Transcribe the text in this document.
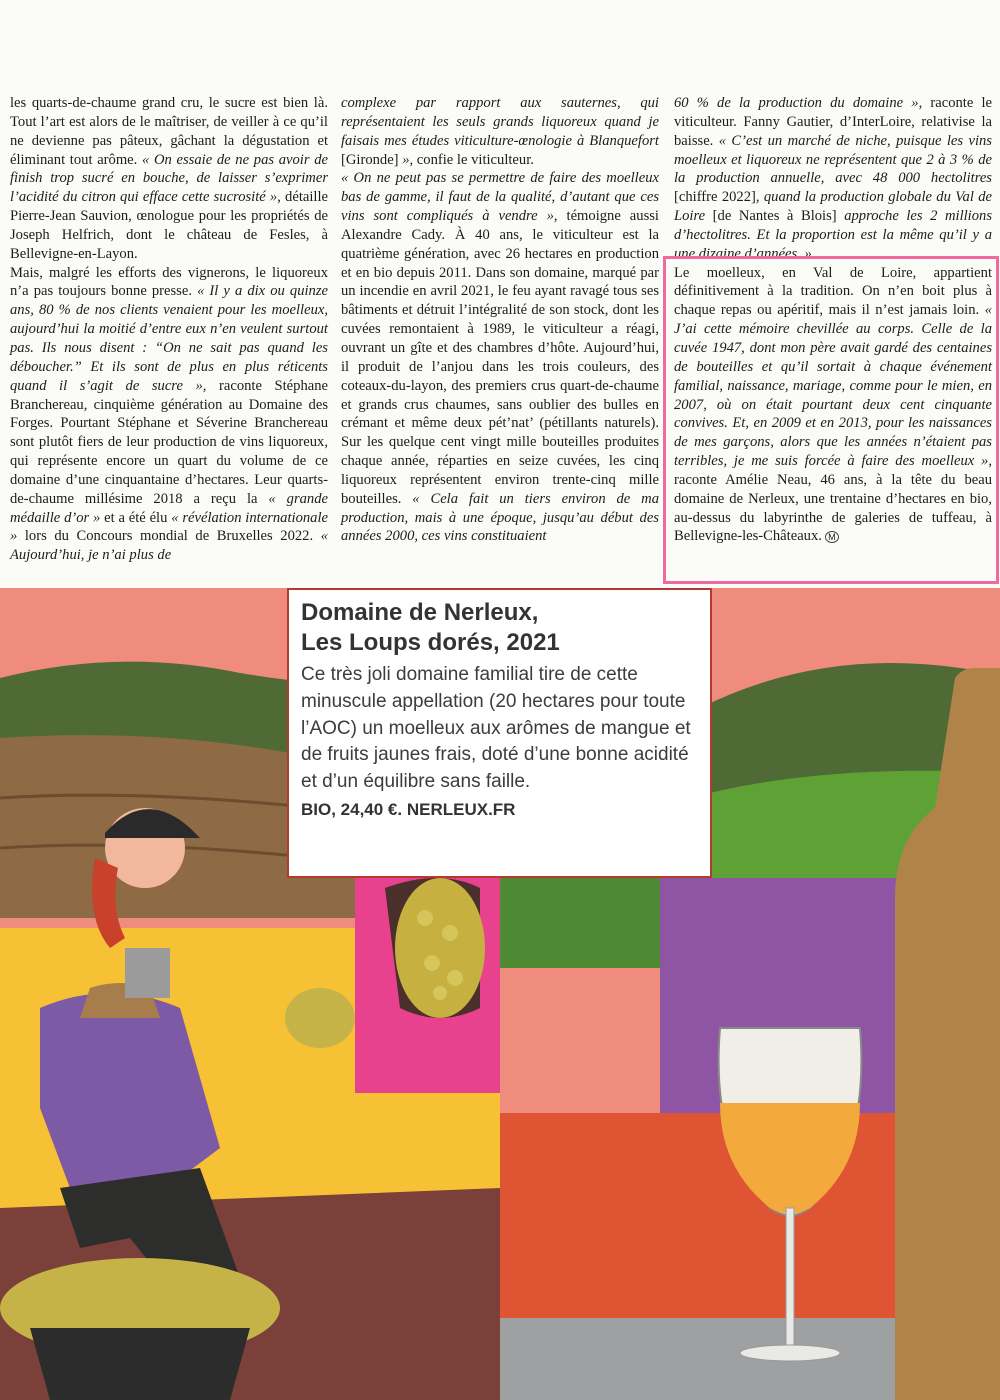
les quarts-de-chaume grand cru, le sucre est bien là. Tout l’art est alors de le maîtriser, de veiller à ce qu’il ne devienne pas pâteux, gâchant la dégustation et éliminant tout arôme. « On essaie de ne pas avoir de finish trop sucré en bouche, de laisser s’exprimer l’acidité du citron qui efface cette sucrosité », détaille Pierre-Jean Sauvion, œnologue pour les propriétés de Joseph Helfrich, dont le château de Fesles, à Bellevigne-en-Layon.

Mais, malgré les efforts des vignerons, le liquoreux n’a pas toujours bonne presse. « Il y a dix ou quinze ans, 80 % de nos clients venaient pour les moelleux, aujourd’hui la moitié d’entre eux n’en veulent surtout pas. Ils nous disent : “On ne sait pas quand les déboucher.” Et ils sont de plus en plus réticents quand il s’agit de sucre », raconte Stéphane Branchereau, cinquième génération au Domaine des Forges. Pourtant Stéphane et Séverine Branchereau sont plutôt fiers de leur production de vins liquoreux, qui représente encore un quart du volume de ce domaine d’une cinquantaine d’hectares. Leur quarts-de-chaume millésime 2018 a reçu la « grande médaille d’or » et a été élu « révélation internationale » lors du Concours mondial de Bruxelles 2022. « Aujourd’hui, je n’ai plus de

complexe par rapport aux sauternes, qui représentaient les seuls grands liquoreux quand je faisais mes études viticulture-œnologie à Blanquefort [Gironde] », confie le viticulteur.

« On ne peut pas se permettre de faire des moelleux bas de gamme, il faut de la qualité, d’autant que ces vins sont compliqués à vendre », témoigne aussi Alexandre Cady. À 40 ans, le viticulteur est la quatrième génération, avec 26 hectares en production et en bio depuis 2011. Dans son domaine, marqué par un incendie en avril 2021, le feu ayant ravagé tous ses bâtiments et détruit l’intégralité de son stock, dont les cuvées remontaient à 1989, le viticulteur a réagi, ouvrant un gîte et des chambres d’hôte. Aujourd’hui, il produit de l’anjou dans les trois couleurs, des coteaux-du-layon, des premiers crus quart-de-chaume et grands crus chaumes, sans oublier des bulles en crémant et même deux pét’nat’ (pétillants naturels). Sur les quelque cent vingt mille bouteilles produites chaque année, réparties en seize cuvées, les cinq liquoreux représentent environ trente-cinq mille bouteilles. « Cela fait un tiers environ de ma production, mais à une époque, jusqu’au début des années 2000, ces vins constituaient

60 % de la production du domaine », raconte le viticulteur. Fanny Gautier, d’InterLoire, relativise la baisse. « C’est un marché de niche, puisque les vins moelleux et liquoreux ne représentent que 2 à 3 % de la production annuelle, avec 48 000 hectolitres [chiffre 2022], quand la production globale du Val de Loire [de Nantes à Blois] approche les 2 millions d’hectolitres. Et la proportion est la même qu’il y a une dizaine d’années. »

Le moelleux, en Val de Loire, appartient définitivement à la tradition. On n’en boit plus à chaque repas ou apéritif, mais il n’est jamais loin. « J’ai cette mémoire chevillée au corps. Celle de la cuvée 1947, dont mon père avait gardé des centaines de bouteilles et qu’il sortait à chaque événement familial, naissance, mariage, comme pour le mien, en 2007, où on était pourtant deux cent cinquante convives. Et, en 2009 et en 2013, pour les naissances de mes garçons, alors que les années n’étaient pas terribles, je me suis forcée à faire des moelleux », raconte Amélie Neau, 46 ans, à la tête du beau domaine de Nerleux, une trentaine d’hectares en bio, au-dessus du labyrinthe de galeries de tuffeau, à Bellevigne-les-Châteaux. M

Domaine de Nerleux,
Les Loups dorés, 2021
Ce très joli domaine familial tire de cette minuscule appellation (20 hectares pour toute l’AOC) un moelleux aux arômes de mangue et de fruits jaunes frais, doté d’une bonne acidité et d’un équilibre sans faille.
BIO, 24,40 €. NERLEUX.FR
